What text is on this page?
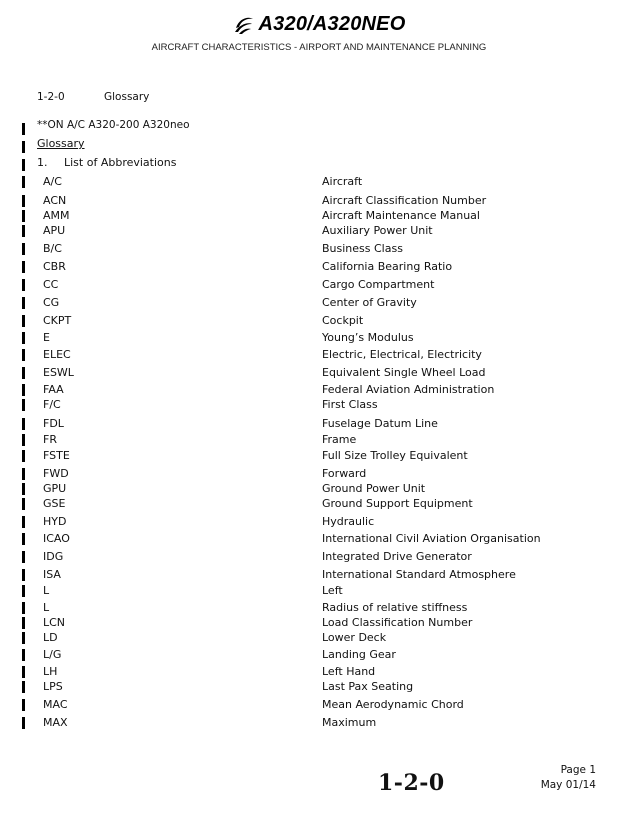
A320/A320NEO
AIRCRAFT CHARACTERISTICS - AIRPORT AND MAINTENANCE PLANNING
1-2-0	Glossary
**ON A/C A320-200 A320neo
Glossary
1. List of Abbreviations
A/C	Aircraft
ACN	Aircraft Classification Number
AMM	Aircraft Maintenance Manual
APU	Auxiliary Power Unit
B/C	Business Class
CBR	California Bearing Ratio
CC	Cargo Compartment
CG	Center of Gravity
CKPT	Cockpit
E	Young’s Modulus
ELEC	Electric, Electrical, Electricity
ESWL	Equivalent Single Wheel Load
FAA	Federal Aviation Administration
F/C	First Class
FDL	Fuselage Datum Line
FR	Frame
FSTE	Full Size Trolley Equivalent
FWD	Forward
GPU	Ground Power Unit
GSE	Ground Support Equipment
HYD	Hydraulic
ICAO	International Civil Aviation Organisation
IDG	Integrated Drive Generator
ISA	International Standard Atmosphere
L	Left
L	Radius of relative stiffness
LCN	Load Classification Number
LD	Lower Deck
L/G	Landing Gear
LH	Left Hand
LPS	Last Pax Seating
MAC	Mean Aerodynamic Chord
MAX	Maximum
1-2-0	Page 1
May 01/14
